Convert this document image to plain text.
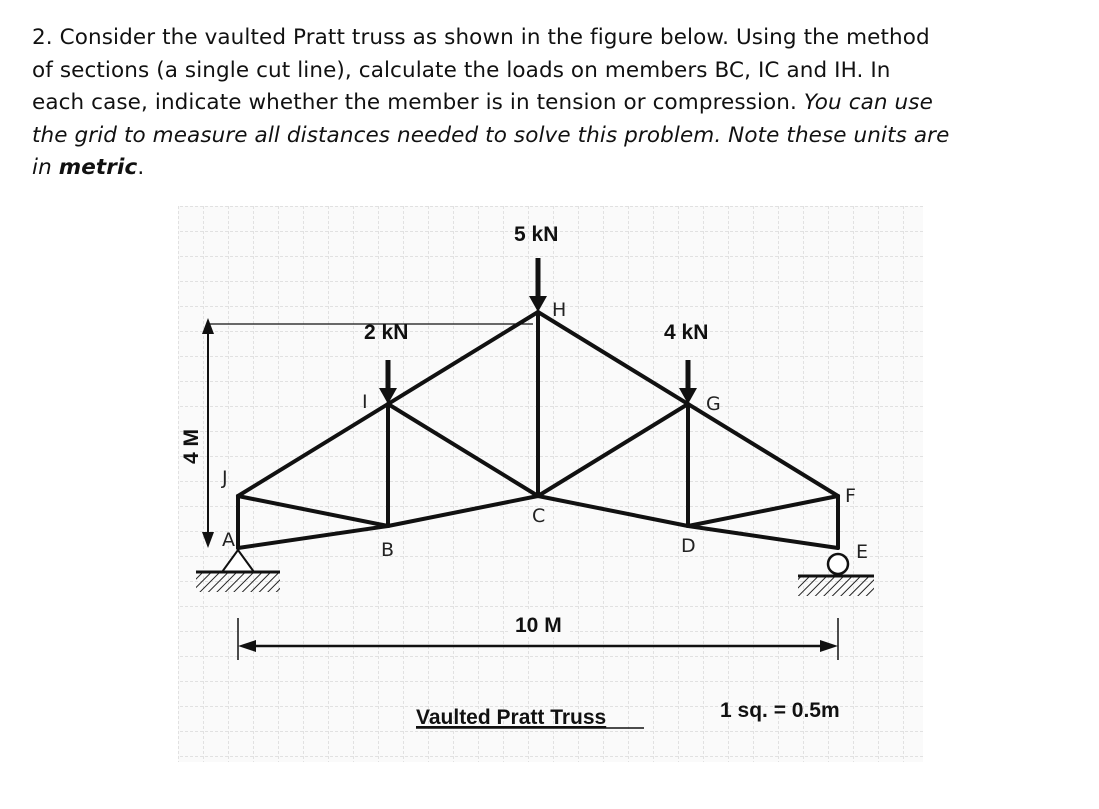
2. Consider the vaulted Pratt truss as shown in the figure below. Using the method
of sections (a single cut line), calculate the loads on members BC, IC and IH. In
each case, indicate whether the member is in tension or compression. You can use
the grid to measure all distances needed to solve this problem. Note these units are
in metric.
4 M
5 kN
2 kN	4 kN
A	B
C
D	E
F
G
H
I
J
10 M
Vaulted Pratt Truss	1 sq. = 0.5m
